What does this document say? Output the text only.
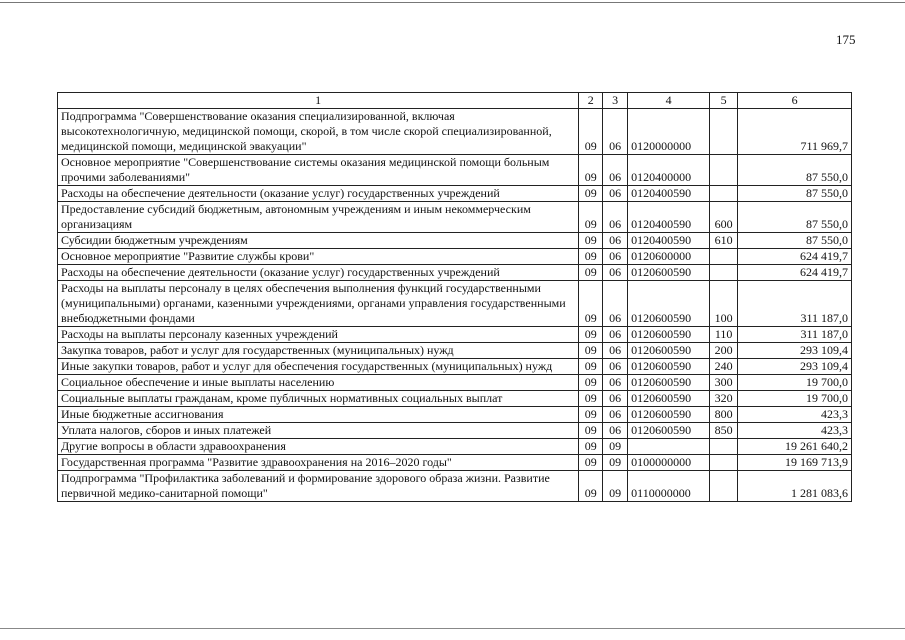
175
1	2	3	4	5	6
Подпрограмма "Совершенствование оказания специализированной, включая высокотехнологичную, медицинской помощи, скорой, в том числе скорой специализированной, медицинской помощи, медицинской эвакуации"	09	06	0120000000		711 969,7
Основное мероприятие "Совершенствование системы оказания медицинской помощи больным прочими заболеваниями"	09	06	0120400000		87 550,0
Расходы на обеспечение деятельности (оказание услуг) государственных учреждений	09	06	0120400590		87 550,0
Предоставление субсидий бюджетным, автономным учреждениям и иным некоммерческим организациям	09	06	0120400590	600	87 550,0
Субсидии бюджетным учреждениям	09	06	0120400590	610	87 550,0
Основное мероприятие "Развитие службы крови"	09	06	0120600000		624 419,7
Расходы на обеспечение деятельности (оказание услуг) государственных учреждений	09	06	0120600590		624 419,7
Расходы на выплаты персоналу в целях обеспечения выполнения функций государственными (муниципальными) органами, казенными учреждениями, органами управления государственными внебюджетными фондами	09	06	0120600590	100	311 187,0
Расходы на выплаты персоналу казенных учреждений	09	06	0120600590	110	311 187,0
Закупка товаров, работ и услуг для государственных (муниципальных) нужд	09	06	0120600590	200	293 109,4
Иные закупки товаров, работ и услуг для обеспечения государственных (муниципальных) нужд	09	06	0120600590	240	293 109,4
Социальное обеспечение и иные выплаты населению	09	06	0120600590	300	19 700,0
Социальные выплаты гражданам, кроме публичных нормативных социальных выплат	09	06	0120600590	320	19 700,0
Иные бюджетные ассигнования	09	06	0120600590	800	423,3
Уплата налогов, сборов и иных платежей	09	06	0120600590	850	423,3
Другие вопросы в области здравоохранения	09	09			19 261 640,2
Государственная программа "Развитие здравоохранения на 2016–2020 годы"	09	09	0100000000		19 169 713,9
Подпрограмма "Профилактика заболеваний и формирование здорового образа жизни. Развитие первичной медико-санитарной помощи"	09	09	0110000000		1 281 083,6
